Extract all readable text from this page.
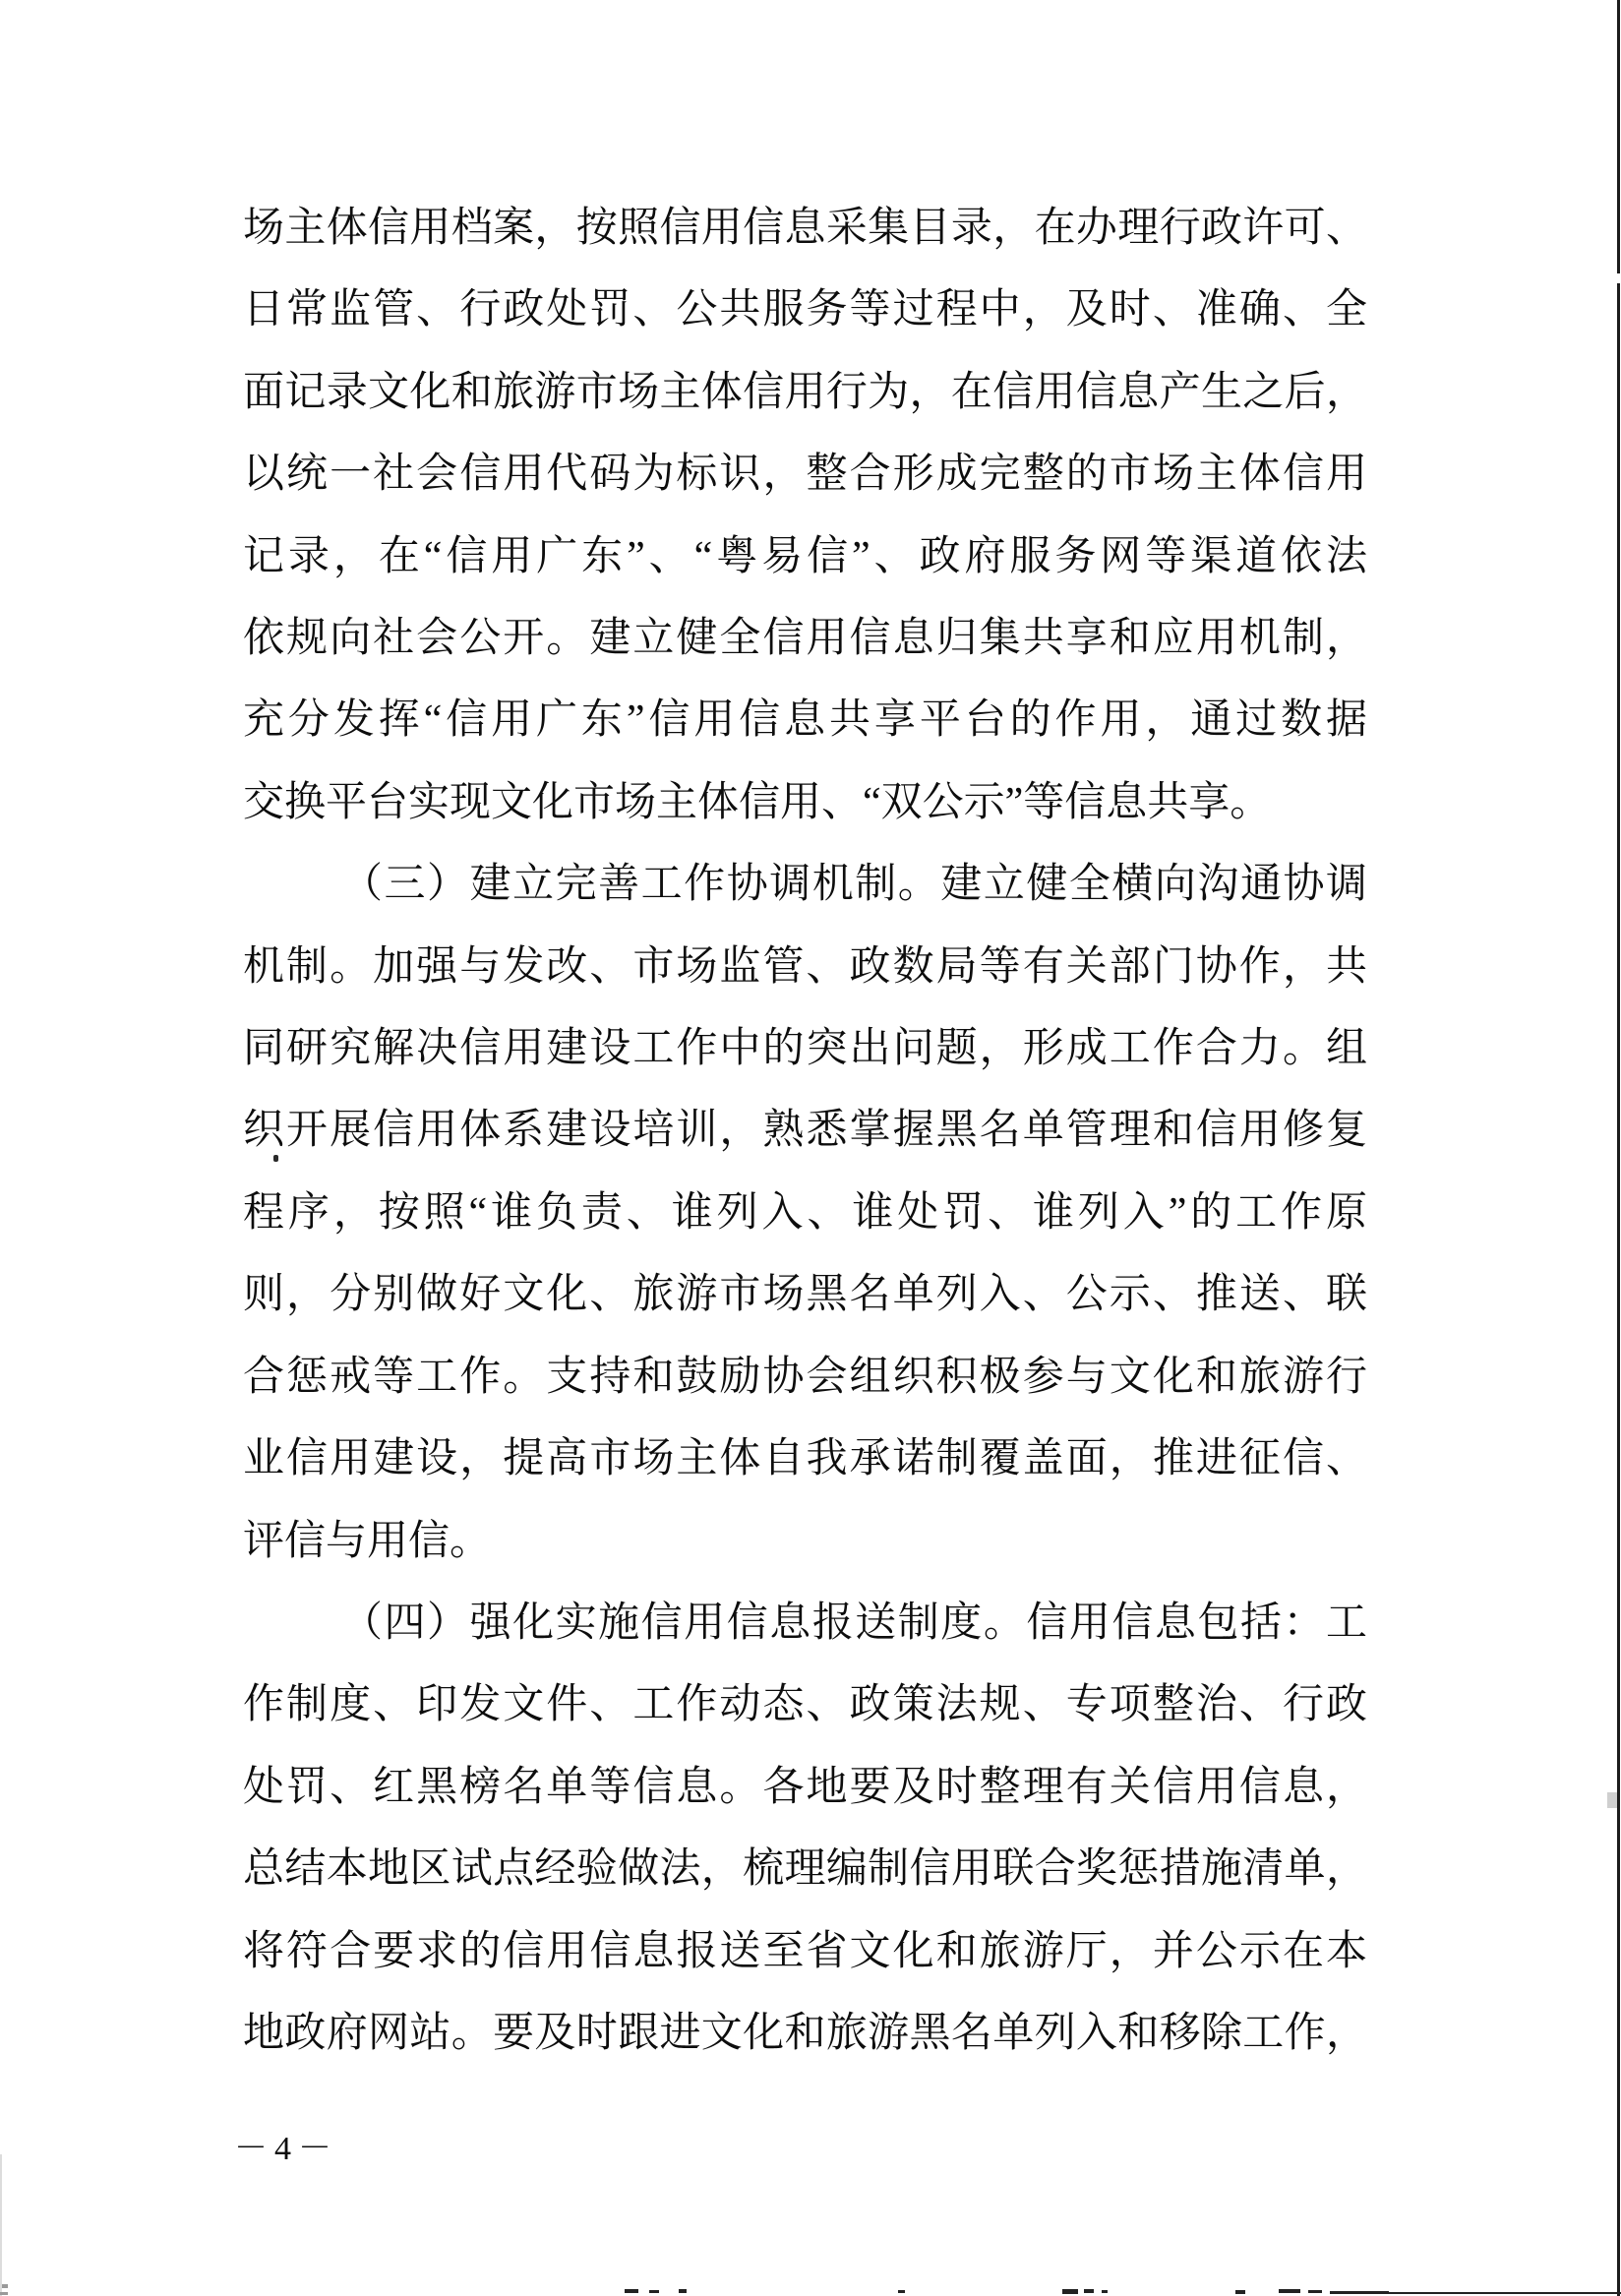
场主体信用档案，按照信用信息采集目录，在办理行政许可、
日常监管、行政处罚、公共服务等过程中，及时、准确、全
面记录文化和旅游市场主体信用行为，在信用信息产生之后，
以统一社会信用代码为标识，整合形成完整的市场主体信用
记录，在“信用广东”、“粤易信”、政府服务网等渠道依法
依规向社会公开。建立健全信用信息归集共享和应用机制，
充分发挥“信用广东”信用信息共享平台的作用，通过数据
交换平台实现文化市场主体信用、“双公示”等信息共享。
（三）建立完善工作协调机制。建立健全横向沟通协调
机制。加强与发改、市场监管、政数局等有关部门协作，共
同研究解决信用建设工作中的突出问题，形成工作合力。组
织开展信用体系建设培训，熟悉掌握黑名单管理和信用修复
程序，按照“谁负责、谁列入、谁处罚、谁列入”的工作原
则，分别做好文化、旅游市场黑名单列入、公示、推送、联
合惩戒等工作。支持和鼓励协会组织积极参与文化和旅游行
业信用建设，提高市场主体自我承诺制覆盖面，推进征信、
评信与用信。
（四）强化实施信用信息报送制度。信用信息包括：工
作制度、印发文件、工作动态、政策法规、专项整治、行政
处罚、红黑榜名单等信息。各地要及时整理有关信用信息，
总结本地区试点经验做法，梳理编制信用联合奖惩措施清单，
将符合要求的信用信息报送至省文化和旅游厅，并公示在本
地政府网站。要及时跟进文化和旅游黑名单列入和移除工作，
－4－
